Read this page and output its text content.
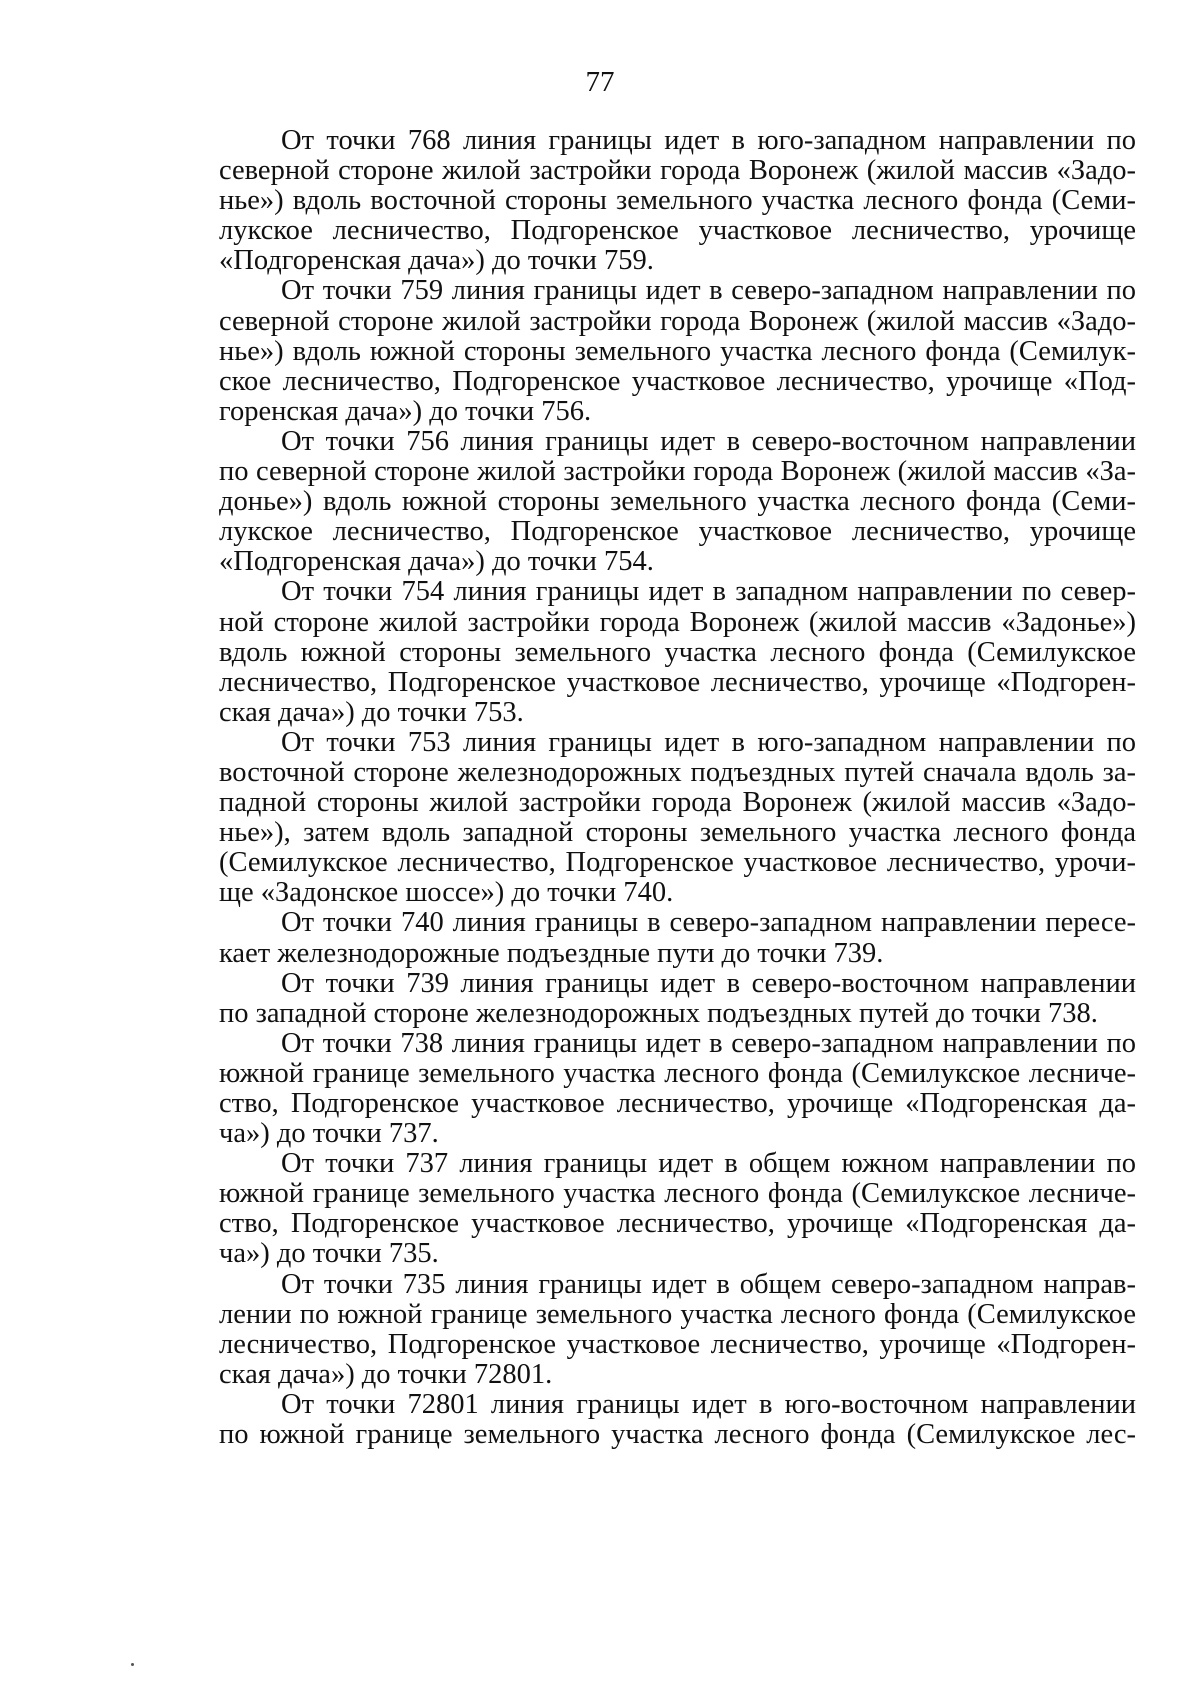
77
От точки 768 линия границы идет в юго-западном направлении по
северной стороне жилой застройки города Воронеж (жилой массив «Задо-
нье») вдоль восточной стороны земельного участка лесного фонда (Семи-
лукское лесничество, Подгоренское участковое лесничество, урочище
«Подгоренская дача») до точки 759.
От точки 759 линия границы идет в северо-западном направлении по
северной стороне жилой застройки города Воронеж (жилой массив «Задо-
нье») вдоль южной стороны земельного участка лесного фонда (Семилук-
ское лесничество, Подгоренское участковое лесничество, урочище «Под-
горенская дача») до точки 756.
От точки 756 линия границы идет в северо-восточном направлении
по северной стороне жилой застройки города Воронеж (жилой массив «За-
донье») вдоль южной стороны земельного участка лесного фонда (Семи-
лукское лесничество, Подгоренское участковое лесничество, урочище
«Подгоренская дача») до точки 754.
От точки 754 линия границы идет в западном направлении по север-
ной стороне жилой застройки города Воронеж (жилой массив «Задонье»)
вдоль южной стороны земельного участка лесного фонда (Семилукское
лесничество, Подгоренское участковое лесничество, урочище «Подгорен-
ская дача») до точки 753.
От точки 753 линия границы идет в юго-западном направлении по
восточной стороне железнодорожных подъездных путей сначала вдоль за-
падной стороны жилой застройки города Воронеж (жилой массив «Задо-
нье»), затем вдоль западной стороны земельного участка лесного фонда
(Семилукское лесничество, Подгоренское участковое лесничество, урочи-
ще «Задонское шоссе») до точки 740.
От точки 740 линия границы в северо-западном направлении пересе-
кает железнодорожные подъездные пути до точки 739.
От точки 739 линия границы идет в северо-восточном направлении
по западной стороне железнодорожных подъездных путей до точки 738.
От точки 738 линия границы идет в северо-западном направлении по
южной границе земельного участка лесного фонда (Семилукское лесниче-
ство, Подгоренское участковое лесничество, урочище «Подгоренская да-
ча») до точки 737.
От точки 737 линия границы идет в общем южном направлении по
южной границе земельного участка лесного фонда (Семилукское лесниче-
ство, Подгоренское участковое лесничество, урочище «Подгоренская да-
ча») до точки 735.
От точки 735 линия границы идет в общем северо-западном направ-
лении по южной границе земельного участка лесного фонда (Семилукское
лесничество, Подгоренское участковое лесничество, урочище «Подгорен-
ская дача») до точки 72801.
От точки 72801 линия границы идет в юго-восточном направлении
по южной границе земельного участка лесного фонда (Семилукское лес-
